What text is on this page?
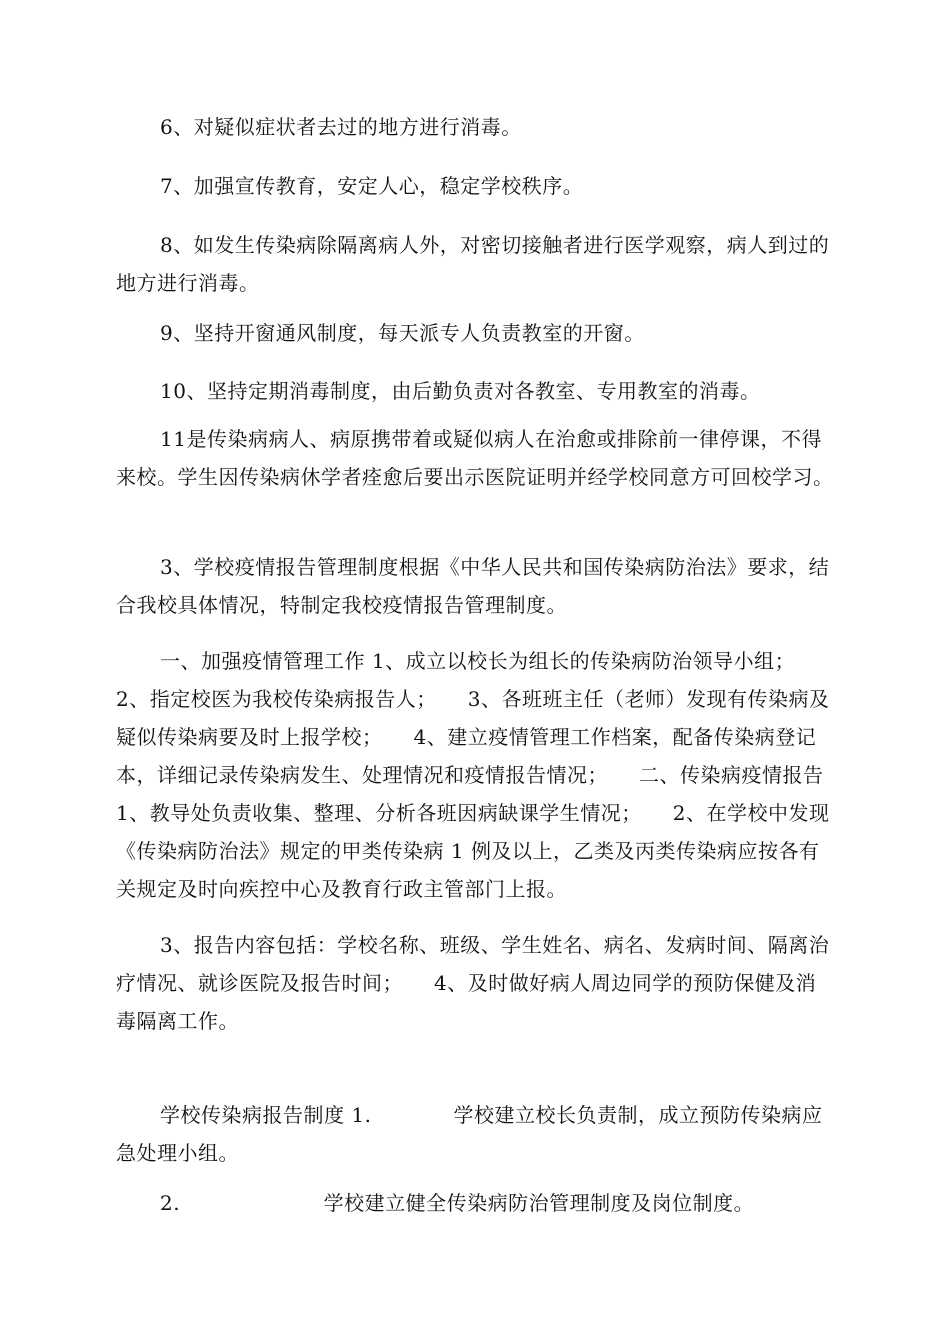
6、对疑似症状者去过的地方进行消毒。

7、加强宣传教育，安定人心，稳定学校秩序。

8、如发生传染病除隔离病人外，对密切接触者进行医学观察，病人到过的地方进行消毒。

9、坚持开窗通风制度，每天派专人负责教室的开窗。

10、坚持定期消毒制度，由后勤负责对各教室、专用教室的消毒。

11是传染病病人、病原携带着或疑似病人在治愈或排除前一律停课，不得来校。学生因传染病休学者痊愈后要出示医院证明并经学校同意方可回校学习。

3、学校疫情报告管理制度根据《中华人民共和国传染病防治法》要求，结合我校具体情况，特制定我校疫情报告管理制度。

一、加强疫情管理工作 1、成立以校长为组长的传染病防治领导小组；　　2、指定校医为我校传染病报告人；　　3、各班班主任（老师）发现有传染病及疑似传染病要及时上报学校；　　4、建立疫情管理工作档案，配备传染病登记本，详细记录传染病发生、处理情况和疫情报告情况；　　二、传染病疫情报告 1、教导处负责收集、整理、分析各班因病缺课学生情况；　　2、在学校中发现《传染病防治法》规定的甲类传染病 1 例及以上，乙类及丙类传染病应按各有关规定及时向疾控中心及教育行政主管部门上报。

3、报告内容包括：学校名称、班级、学生姓名、病名、发病时间、隔离治疗情况、就诊医院及报告时间；　　4、及时做好病人周边同学的预防保健及消毒隔离工作。

学校传染病报告制度 1.　　　　学校建立校长负责制，成立预防传染病应急处理小组。

2.　　　　　　　学校建立健全传染病防治管理制度及岗位制度。
